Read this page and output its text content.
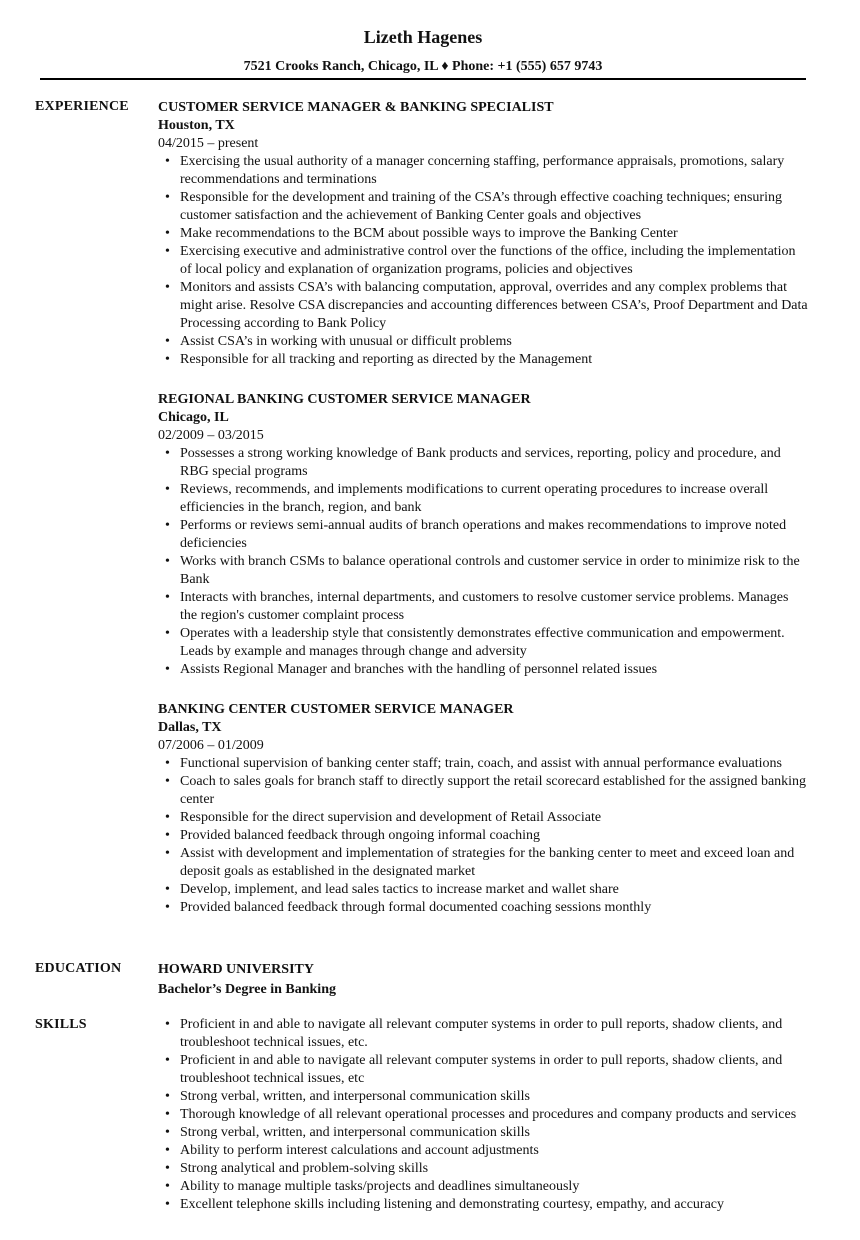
Lizeth Hagenes
7521 Crooks Ranch, Chicago, IL ♦ Phone: +1 (555) 657 9743
EXPERIENCE CUSTOMER SERVICE MANAGER & BANKING SPECIALIST
Houston, TX
04/2015 – present
• Exercising the usual authority of a manager concerning staffing, performance appraisals, promotions, salary recommendations and terminations
• Responsible for the development and training of the CSA’s through effective coaching techniques; ensuring customer satisfaction and the achievement of Banking Center goals and objectives
• Make recommendations to the BCM about possible ways to improve the Banking Center
• Exercising executive and administrative control over the functions of the office, including the implementation of local policy and explanation of organization programs, policies and objectives
• Monitors and assists CSA’s with balancing computation, approval, overrides and any complex problems that might arise. Resolve CSA discrepancies and accounting differences between CSA’s, Proof Department and Data Processing according to Bank Policy
• Assist CSA’s in working with unusual or difficult problems
• Responsible for all tracking and reporting as directed by the Management
REGIONAL BANKING CUSTOMER SERVICE MANAGER
Chicago, IL
02/2009 – 03/2015
• Possesses a strong working knowledge of Bank products and services, reporting, policy and procedure, and RBG special programs
• Reviews, recommends, and implements modifications to current operating procedures to increase overall efficiencies in the branch, region, and bank
• Performs or reviews semi-annual audits of branch operations and makes recommendations to improve noted deficiencies
• Works with branch CSMs to balance operational controls and customer service in order to minimize risk to the Bank
• Interacts with branches, internal departments, and customers to resolve customer service problems. Manages the region's customer complaint process
• Operates with a leadership style that consistently demonstrates effective communication and empowerment. Leads by example and manages through change and adversity
• Assists Regional Manager and branches with the handling of personnel related issues
BANKING CENTER CUSTOMER SERVICE MANAGER
Dallas, TX
07/2006 – 01/2009
• Functional supervision of banking center staff; train, coach, and assist with annual performance evaluations
• Coach to sales goals for branch staff to directly support the retail scorecard established for the assigned banking center
• Responsible for the direct supervision and development of Retail Associate
• Provided balanced feedback through ongoing informal coaching
• Assist with development and implementation of strategies for the banking center to meet and exceed loan and deposit goals as established in the designated market
• Develop, implement, and lead sales tactics to increase market and wallet share
• Provided balanced feedback through formal documented coaching sessions monthly
EDUCATION	HOWARD UNIVERSITY
Bachelor’s Degree in Banking
SKILLS
•	Proficient in and able to navigate all relevant computer systems in order to pull reports, shadow clients, and troubleshoot technical issues, etc.
• Proficient in and able to navigate all relevant computer systems in order to pull reports, shadow clients, and troubleshoot technical issues, etc
• Strong verbal, written, and interpersonal communication skills
• Thorough knowledge of all relevant operational processes and procedures and company products and services
• Strong verbal, written, and interpersonal communication skills
• Ability to perform interest calculations and account adjustments
• Strong analytical and problem-solving skills
• Ability to manage multiple tasks/projects and deadlines simultaneously
• Excellent telephone skills including listening and demonstrating courtesy, empathy, and accuracy
